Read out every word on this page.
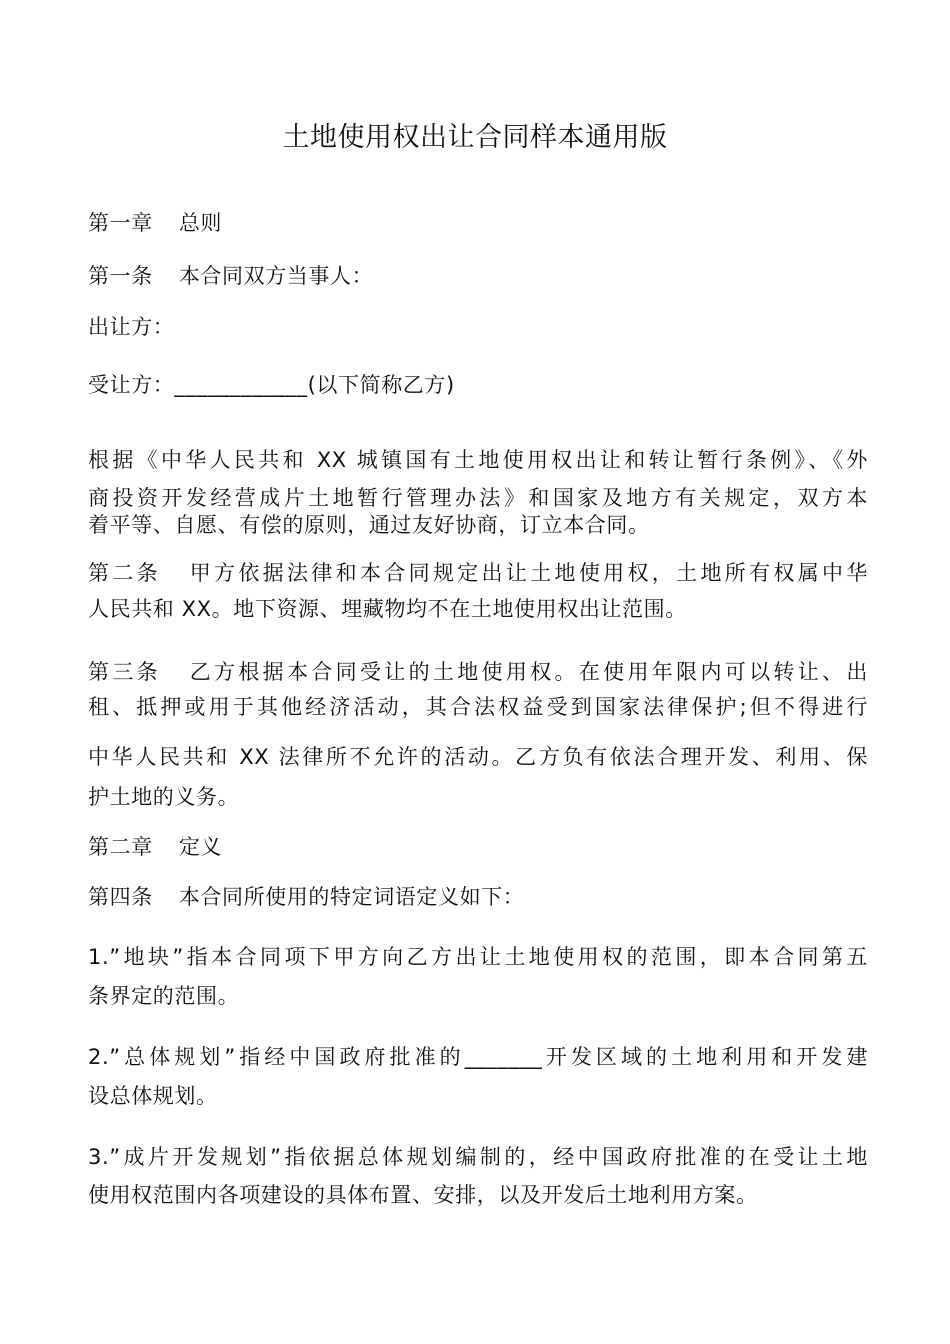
土地使用权出让合同样本通用版
第一章 总则
第一条 本合同双方当事人：
出让方：
受让方：____________(以下简称乙方)
根据《中华人民共和 XX 城镇国有土地使用权出让和转让暂行条例》、《外
商投资开发经营成片土地暂行管理办法》和国家及地方有关规定，双方本
着平等、自愿、有偿的原则，通过友好协商，订立本合同。
第二条 甲方依据法律和本合同规定出让土地使用权，土地所有权属中华
人民共和 XX。地下资源、埋藏物均不在土地使用权出让范围。
第三条 乙方根据本合同受让的土地使用权。在使用年限内可以转让、出
租、抵押或用于其他经济活动，其合法权益受到国家法律保护;但不得进行
中华人民共和 XX 法律所不允许的活动。乙方负有依法合理开发、利用、保
护土地的义务。
第二章 定义
第四条 本合同所使用的特定词语定义如下：
1.”地块”指本合同项下甲方向乙方出让土地使用权的范围，即本合同第五
条界定的范围。
2.”总体规划”指经中国政府批准的_______开发区域的土地利用和开发建
设总体规划。
3.”成片开发规划”指依据总体规划编制的，经中国政府批准的在受让土地
使用权范围内各项建设的具体布置、安排，以及开发后土地利用方案。
